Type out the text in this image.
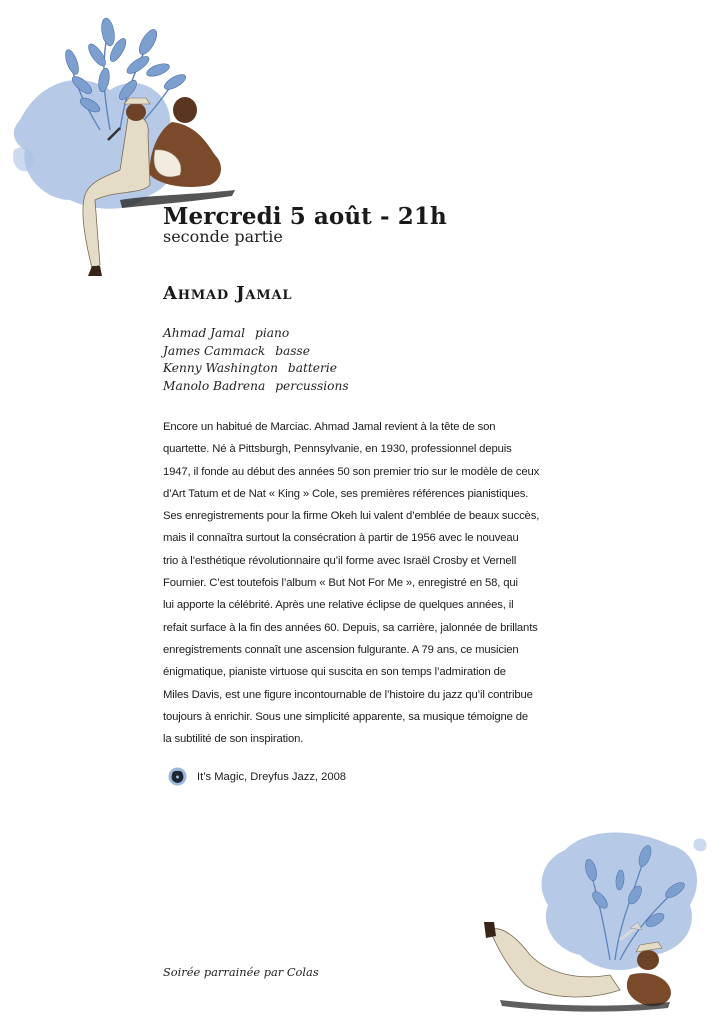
Mercredi 5 août - 21h
seconde partie
Ahmad Jamal
Ahmad Jamal piano
James Cammack basse
Kenny Washington batterie
Manolo Badrena percussions
Encore un habitué de Marciac. Ahmad Jamal revient à la tête de son
quartette. Né à Pittsburgh, Pennsylvanie, en 1930, professionnel depuis
1947, il fonde au début des années 50 son premier trio sur le modèle de ceux
d’Art Tatum et de Nat « King » Cole, ses premières références pianistiques.
Ses enregistrements pour la firme Okeh lui valent d’emblée de beaux succès,
mais il connaîtra surtout la consécration à partir de 1956 avec le nouveau
trio à l’esthétique révolutionnaire qu’il forme avec Israël Crosby et Vernell
Fournier. C’est toutefois l’album « But Not For Me », enregistré en 58, qui
lui apporte la célébrité. Après une relative éclipse de quelques années, il
refait surface à la fin des années 60. Depuis, sa carrière, jalonnée de brillants
enregistrements connaît une ascension fulgurante. A 79 ans, ce musicien
énigmatique, pianiste virtuose qui suscita en son temps l’admiration de
Miles Davis, est une figure incontournable de l’histoire du jazz qu’il contribue
toujours à enrichir. Sous une simplicité apparente, sa musique témoigne de
la subtilité de son inspiration.
It’s Magic, Dreyfus Jazz, 2008
Soirée parrainée par Colas
